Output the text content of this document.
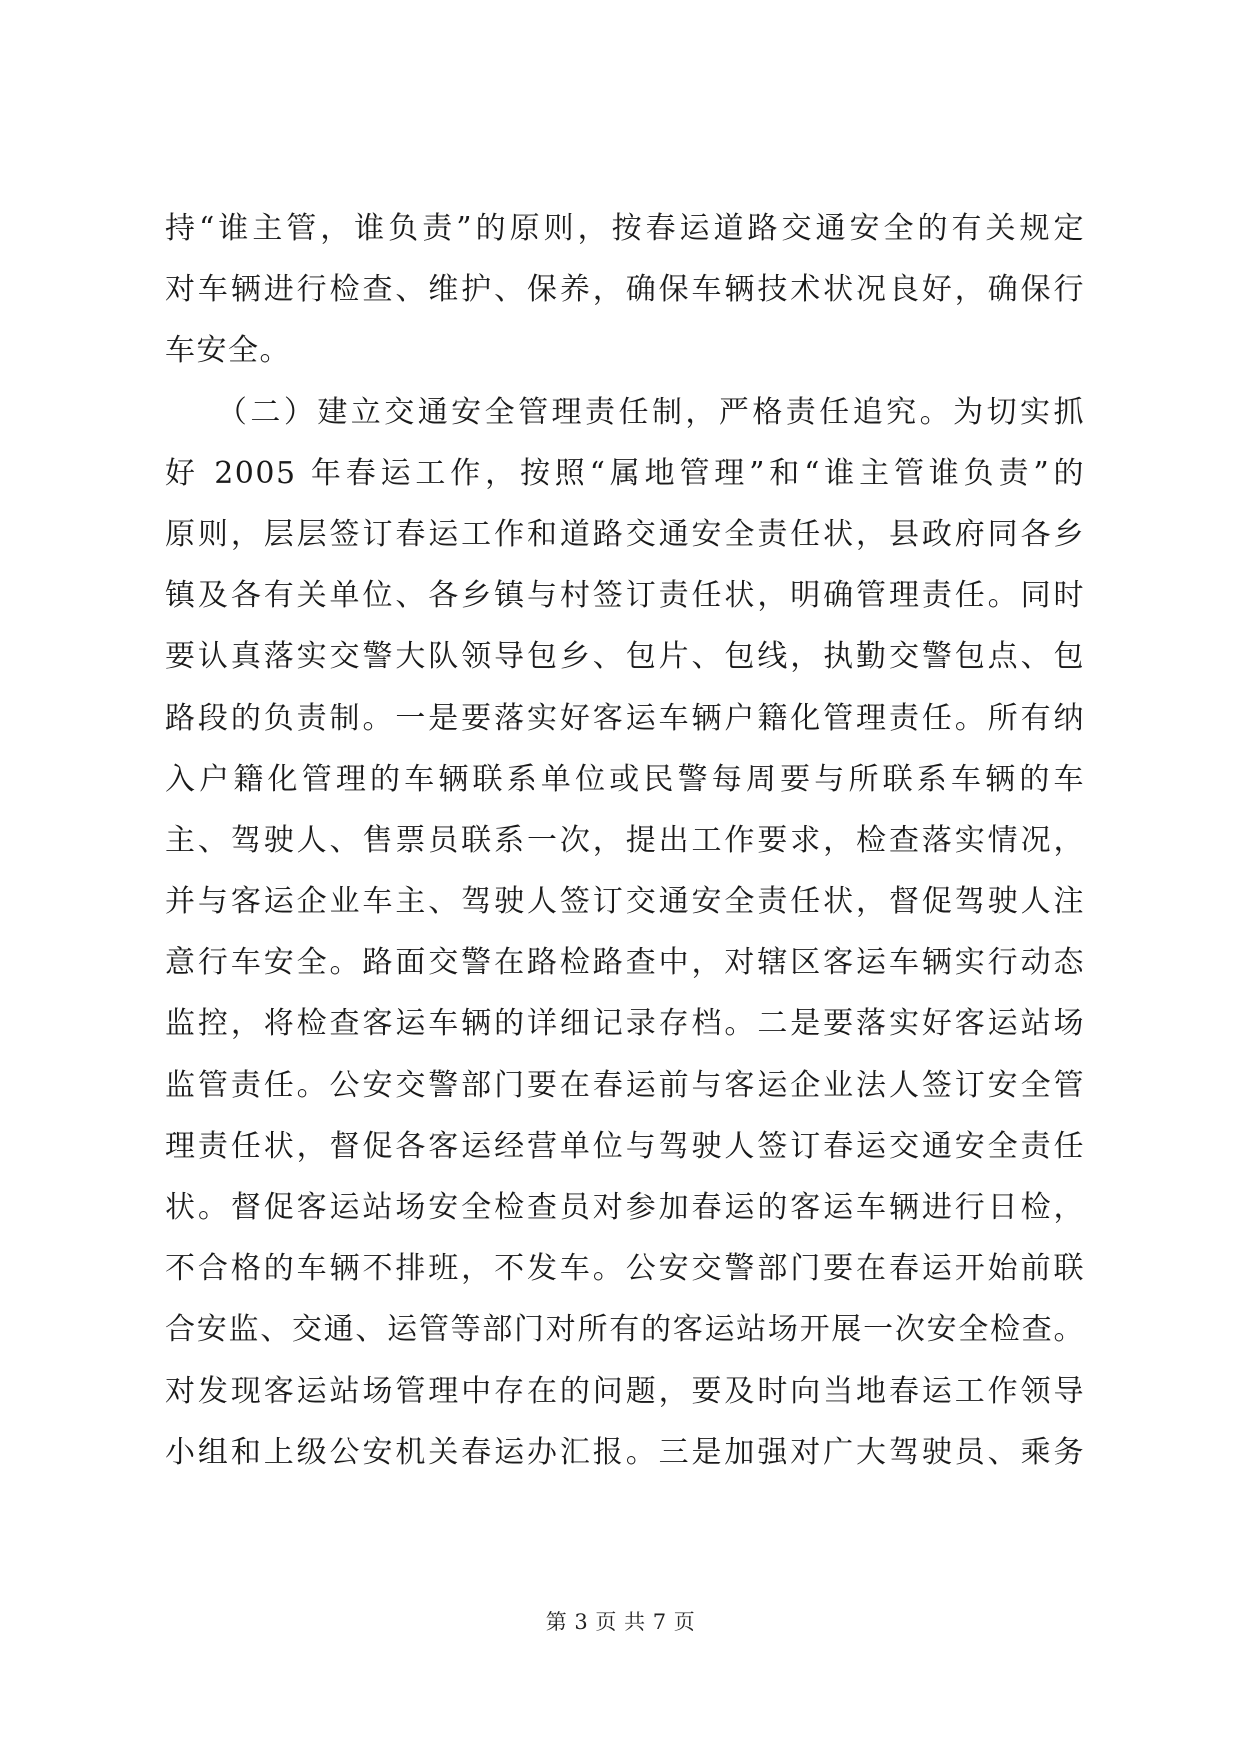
持“谁主管，谁负责”的原则，按春运道路交通安全的有关规定
对车辆进行检查、维护、保养，确保车辆技术状况良好，确保行
车安全。
　　（二）建立交通安全管理责任制，严格责任追究。为切实抓
好 2005 年春运工作，按照“属地管理”和“谁主管谁负责”的
原则，层层签订春运工作和道路交通安全责任状，县政府同各乡
镇及各有关单位、各乡镇与村签订责任状，明确管理责任。同时
要认真落实交警大队领导包乡、包片、包线，执勤交警包点、包
路段的负责制。一是要落实好客运车辆户籍化管理责任。所有纳
入户籍化管理的车辆联系单位或民警每周要与所联系车辆的车
主、驾驶人、售票员联系一次，提出工作要求，检查落实情况，
并与客运企业车主、驾驶人签订交通安全责任状，督促驾驶人注
意行车安全。路面交警在路检路查中，对辖区客运车辆实行动态
监控，将检查客运车辆的详细记录存档。二是要落实好客运站场
监管责任。公安交警部门要在春运前与客运企业法人签订安全管
理责任状，督促各客运经营单位与驾驶人签订春运交通安全责任
状。督促客运站场安全检查员对参加春运的客运车辆进行日检，
不合格的车辆不排班，不发车。公安交警部门要在春运开始前联
合安监、交通、运管等部门对所有的客运站场开展一次安全检查。
对发现客运站场管理中存在的问题，要及时向当地春运工作领导
小组和上级公安机关春运办汇报。三是加强对广大驾驶员、乘务
第 3 页 共 7 页
